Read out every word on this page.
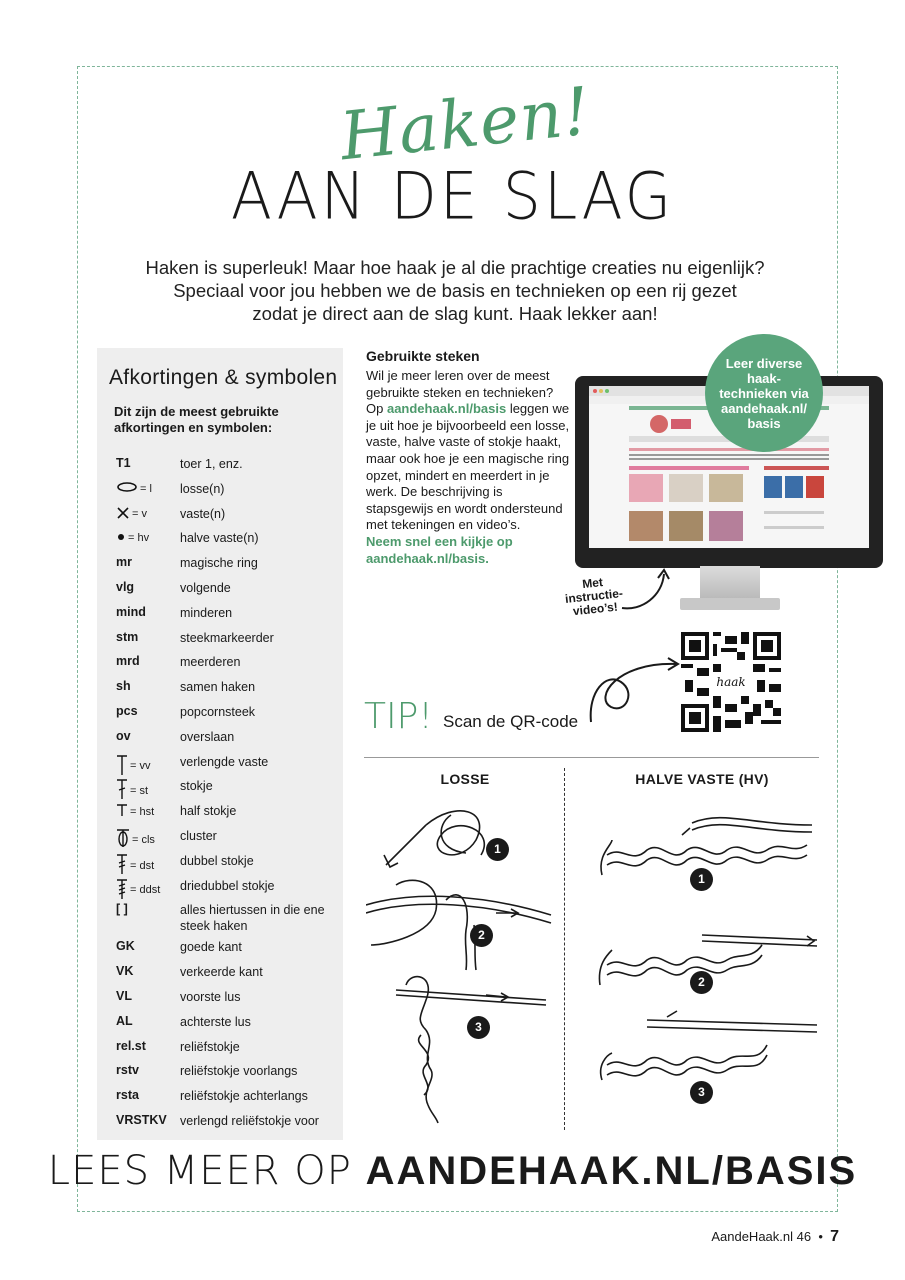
Haken!
AAN DE SLAG
Haken is superleuk! Maar hoe haak je al die prachtige creaties nu eigenlijk?
Speciaal voor jou hebben we de basis en technieken op een rij gezet
zodat je direct aan de slag kunt. Haak lekker aan!
Afkortingen & symbolen
Dit zijn de meest gebruikte afkortingen en symbolen:
T1	toer 1, enz.
= l	losse(n)
= v	vaste(n)
= hv	halve vaste(n)
mr	magische ring
vlg	volgende
mind	minderen
stm	steekmarkeerder
mrd	meerderen
sh	samen haken
pcs	popcornsteek
ov	overslaan
= vv	verlengde vaste
= st	stokje
= hst	half stokje
= cls	cluster
= dst	dubbel stokje
= ddst	driedubbel stokje
[ ]	alles hiertussen in die ene steek haken
GK	goede kant
VK	verkeerde kant
VL	voorste lus
AL	achterste lus
rel.st	reliëfstokje
rstv	reliëfstokje voorlangs
rsta	reliëfstokje achterlangs
VRSTKV	verlengd reliëfstokje voor
Gebruikte steken
Wil je meer leren over de meest gebruikte steken en technieken? Op aandehaak.nl/basis leggen we je uit hoe je bijvoorbeeld een losse, vaste, halve vaste of stokje haakt, maar ook hoe je een magische ring opzet, mindert en meerdert in je werk. De beschrijving is stapsgewijs en wordt ondersteund met tekeningen en video’s.
Neem snel een kijkje op aandehaak.nl/basis.
Leer diverse haak-technieken via aandehaak.nl/ basis
Met instructie-video’s!
TIP! Scan de QR-code
haak
LOSSE	HALVE VASTE (HV)
1
2
3
1
2
3
LEES MEER OP AANDEHAAK.NL/BASIS
AandeHaak.nl 46  •  7
